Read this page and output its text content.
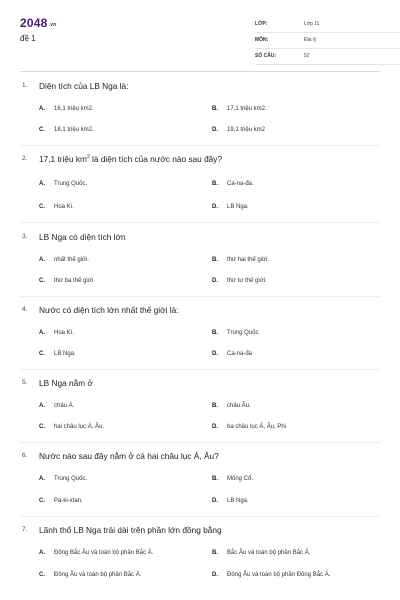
2048.vn
đề 1
LỚP:	Lớp 11
MÔN:	Địa lý
SỐ CÂU:	52
1. Diện tích của LB Nga là:
A. 16,1 triệu km2.	B. 17,1 triệu km2.
C. 18,1 triệu km2.	D. 19,1 triệu km2
2. 17,1 triệu $km^2$ là diện tích của nước nào sau đây?
A. Trung Quốc.	B. Ca-na-đa.
C. Hoa Kì.	D. LB Nga.
3. LB Nga có diện tích lớn
A. nhất thế giới.	B. thứ hai thế giới.
C. thứ ba thế giới	D. thứ tư thế giới.
4. Nước có diện tích lớn nhất thế giới là:
A. Hoa Kì.	B. Trung Quốc
C. LB Nga.	D. Ca-na-đa
5. LB Nga nằm ở
A. châu Á.	B. châu Âu.
C. hai châu lục Á, Âu.	D. ba châu lục Á, Âu, Phi
6. Nước nào sau đây nằm ở cả hai châu lục Á, Âu?
A. Trung Quốc.	B. Mông Cổ.
C. Pa-ki-xtan.	D. LB Nga.
7. Lãnh thổ LB Nga trải dài trên phần lớn đồng bằng
A. Đông Bắc Âu và toàn bộ phần Bắc Á.	B. Bắc Âu và toàn bộ phần Bắc Á.
C. Đông Âu và toàn bộ phần Bắc Á.	D. Đông Âu và toàn bộ phần Đông Bắc Á.
